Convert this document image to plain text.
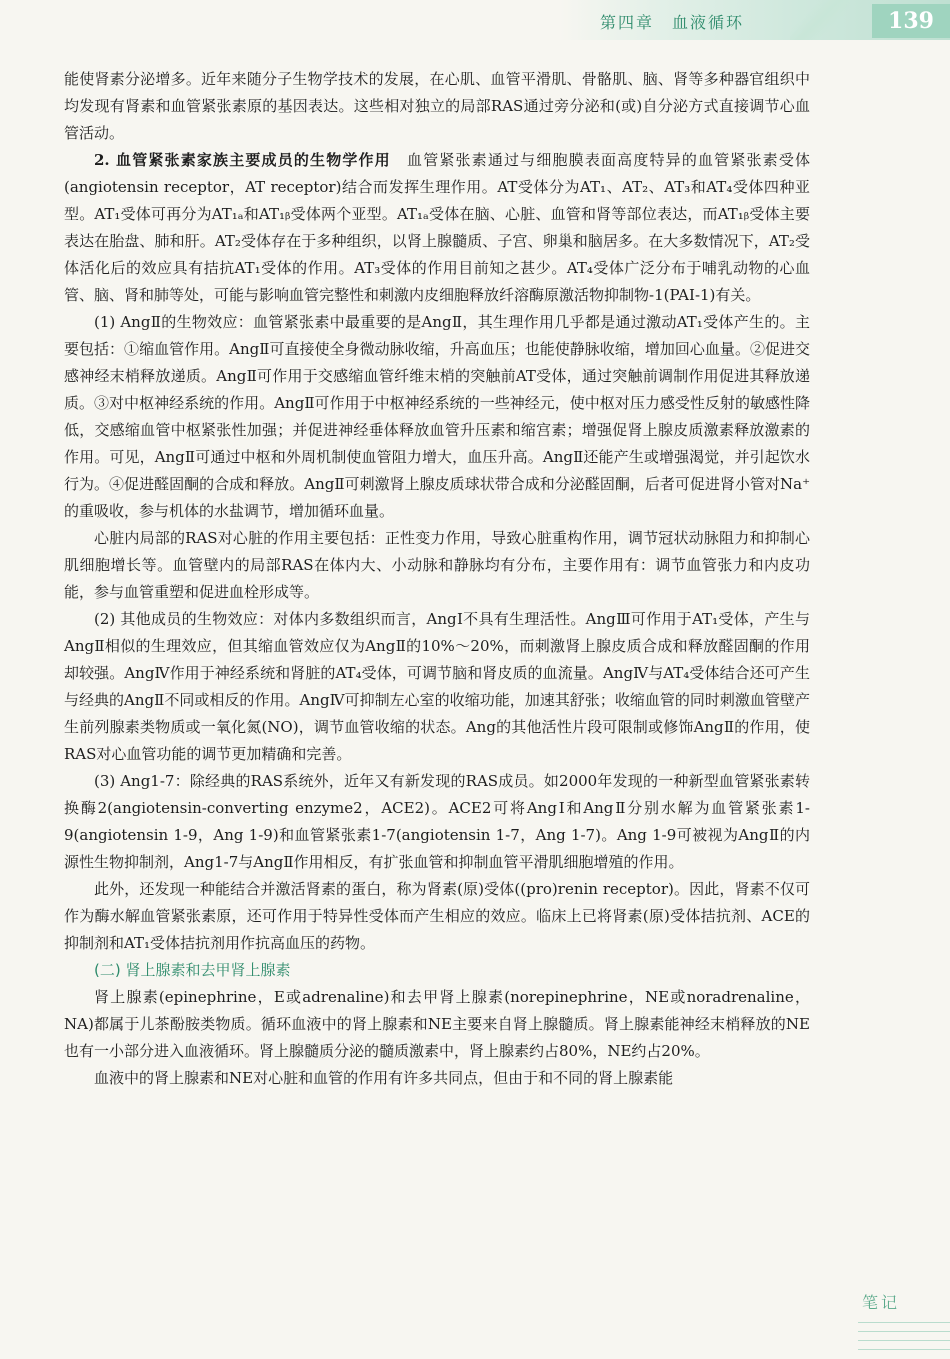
第四章　血液循环	139

能使肾素分泌增多。近年来随分子生物学技术的发展，在心肌、血管平滑肌、骨骼肌、脑、肾等多种器官组织中均发现有肾素和血管紧张素原的基因表达。这些相对独立的局部RAS通过旁分泌和(或)自分泌方式直接调节心血管活动。

2. 血管紧张素家族主要成员的生物学作用　血管紧张素通过与细胞膜表面高度特异的血管紧张素受体(angiotensin receptor，AT receptor)结合而发挥生理作用。AT受体分为AT₁、AT₂、AT₃和AT₄受体四种亚型。AT₁受体可再分为AT₁ₐ和AT₁ᵦ受体两个亚型。AT₁ₐ受体在脑、心脏、血管和肾等部位表达，而AT₁ᵦ受体主要表达在胎盘、肺和肝。AT₂受体存在于多种组织，以肾上腺髓质、子宫、卵巢和脑居多。在大多数情况下，AT₂受体活化后的效应具有拮抗AT₁受体的作用。AT₃受体的作用目前知之甚少。AT₄受体广泛分布于哺乳动物的心血管、脑、肾和肺等处，可能与影响血管完整性和刺激内皮细胞释放纤溶酶原激活物抑制物-1(PAI-1)有关。

(1) AngⅡ的生物效应：血管紧张素中最重要的是AngⅡ，其生理作用几乎都是通过激动AT₁受体产生的。主要包括：①缩血管作用。AngⅡ可直接使全身微动脉收缩，升高血压；也能使静脉收缩，增加回心血量。②促进交感神经末梢释放递质。AngⅡ可作用于交感缩血管纤维末梢的突触前AT受体，通过突触前调制作用促进其释放递质。③对中枢神经系统的作用。AngⅡ可作用于中枢神经系统的一些神经元，使中枢对压力感受性反射的敏感性降低，交感缩血管中枢紧张性加强；并促进神经垂体释放血管升压素和缩宫素；增强促肾上腺皮质激素释放激素的作用。可见，AngⅡ可通过中枢和外周机制使血管阻力增大，血压升高。AngⅡ还能产生或增强渴觉，并引起饮水行为。④促进醛固酮的合成和释放。AngⅡ可刺激肾上腺皮质球状带合成和分泌醛固酮，后者可促进肾小管对Na⁺的重吸收，参与机体的水盐调节，增加循环血量。

心脏内局部的RAS对心脏的作用主要包括：正性变力作用，导致心脏重构作用，调节冠状动脉阻力和抑制心肌细胞增长等。血管壁内的局部RAS在体内大、小动脉和静脉均有分布，主要作用有：调节血管张力和内皮功能，参与血管重塑和促进血栓形成等。

(2) 其他成员的生物效应：对体内多数组织而言，AngⅠ不具有生理活性。AngⅢ可作用于AT₁受体，产生与AngⅡ相似的生理效应，但其缩血管效应仅为AngⅡ的10%～20%，而刺激肾上腺皮质合成和释放醛固酮的作用却较强。AngⅣ作用于神经系统和肾脏的AT₄受体，可调节脑和肾皮质的血流量。AngⅣ与AT₄受体结合还可产生与经典的AngⅡ不同或相反的作用。AngⅣ可抑制左心室的收缩功能，加速其舒张；收缩血管的同时刺激血管壁产生前列腺素类物质或一氧化氮(NO)，调节血管收缩的状态。Ang的其他活性片段可限制或修饰AngⅡ的作用，使RAS对心血管功能的调节更加精确和完善。

(3) Ang1-7：除经典的RAS系统外，近年又有新发现的RAS成员。如2000年发现的一种新型血管紧张素转换酶2(angiotensin-converting enzyme2，ACE2)。ACE2可将AngⅠ和AngⅡ分别水解为血管紧张素1-9(angiotensin 1-9，Ang 1-9)和血管紧张素1-7(angiotensin 1-7，Ang 1-7)。Ang 1-9可被视为AngⅡ的内源性生物抑制剂，Ang1-7与AngⅡ作用相反，有扩张血管和抑制血管平滑肌细胞增殖的作用。

此外，还发现一种能结合并激活肾素的蛋白，称为肾素(原)受体((pro)renin receptor)。因此，肾素不仅可作为酶水解血管紧张素原，还可作用于特异性受体而产生相应的效应。临床上已将肾素(原)受体拮抗剂、ACE的抑制剂和AT₁受体拮抗剂用作抗高血压的药物。

(二) 肾上腺素和去甲肾上腺素

肾上腺素(epinephrine，E或adrenaline)和去甲肾上腺素(norepinephrine，NE或noradrenaline，NA)都属于儿茶酚胺类物质。循环血液中的肾上腺素和NE主要来自肾上腺髓质。肾上腺素能神经末梢释放的NE也有一小部分进入血液循环。肾上腺髓质分泌的髓质激素中，肾上腺素约占80%，NE约占20%。

血液中的肾上腺素和NE对心脏和血管的作用有许多共同点，但由于和不同的肾上腺素能

笔记
